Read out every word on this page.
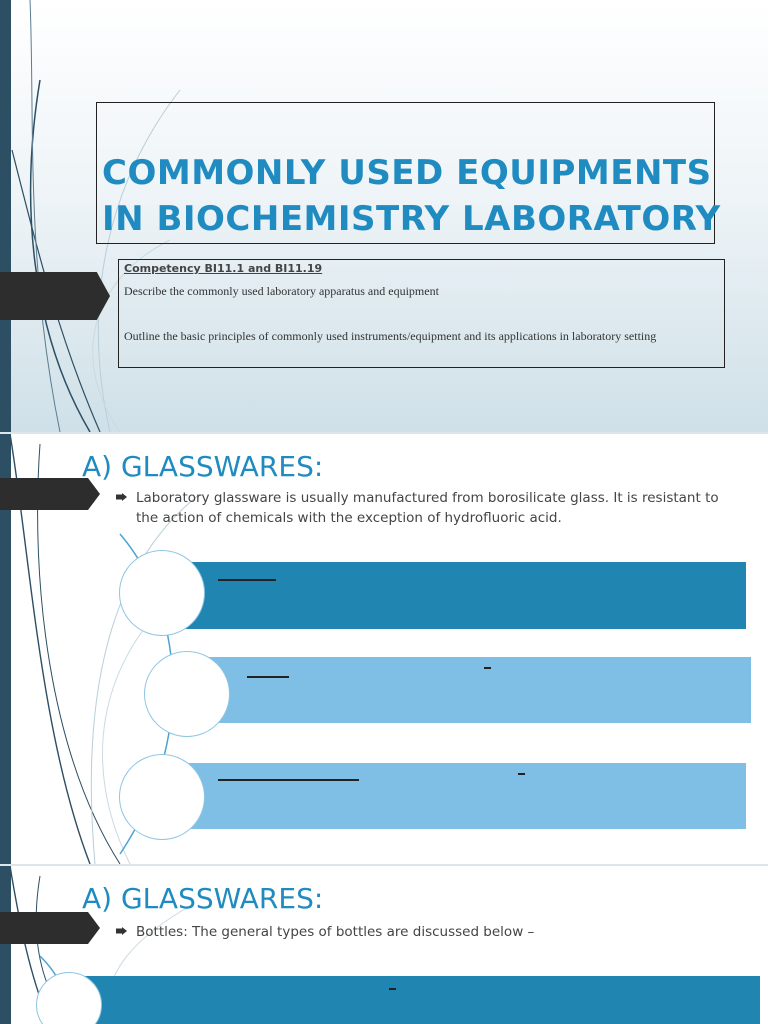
COMMONLY USED EQUIPMENTS
IN BIOCHEMISTRY LABORATORY
Competency BI11.1 and BI11.19
Describe the commonly used laboratory apparatus and equipment
Outline the basic principles of commonly used instruments/equipment and its applications in laboratory setting
A) GLASSWARES:
Laboratory glassware is usually manufactured from borosilicate glass. It is resistant to the action of chemicals with the exception of hydrofluoric acid.
A) GLASSWARES:
Bottles: The general types of bottles are discussed below –
